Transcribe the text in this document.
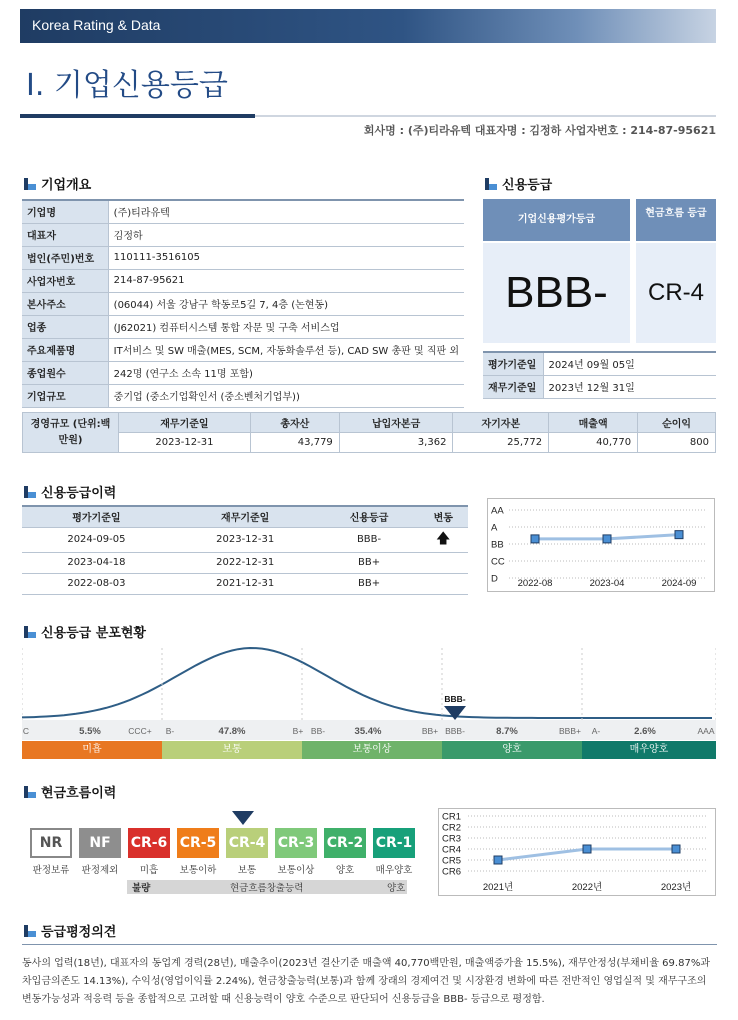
Korea Rating & Data
Ⅰ. 기업신용등급
회사명 : (주)티라유텍 대표자명 : 김정하 사업자번호 : 214-87-95621
기업개요
기업명	(주)티라유텍
대표자	김정하
법인(주민)번호	110111-3516105
사업자번호	214-87-95621
본사주소	(06044) 서울 강남구 학동로5길 7, 4층 (논현동)
업종	(J62021) 컴퓨터시스템 통합 자문 및 구축 서비스업
주요제품명	IT서비스 및 SW 매출(MES, SCM, 자동화솔루션 등), CAD SW 총판 및 직판 외
종업원수	242명 (연구소 소속 11명 포함)
기업규모	중기업 (중소기업확인서 (중소벤처기업부))
신용등급
기업신용평가등급
현금흐름 등급
BBB-	CR-4
평가기준일	2024년 09월 05일
재무기준일	2023년 12월 31일
경영규모 (단위:백만원)	재무기준일	총자산	납입자본금	자기자본	매출액	순이익
	2023-12-31	43,779	3,362	25,772	40,770	800
신용등급이력
평가기준일	재무기준일	신용등급	변동
2024-09-05	2023-12-31	BBB-	🡅
2023-04-18	2022-12-31	BB+	
2022-08-03	2021-12-31	BB+		D
CC
BB
A
AA
2022-08	2023-04	2024-09
신용등급 분포현황
C	CCC+ B-	B+ BB-	BB+ BBB-	BBB+ A-	AAA
5.5%	47.8%	35.4%	8.7%	2.6%
BBB-
미흡	보통	보통이상	양호	매우양호
현금흐름이력
NR
판정보류
NF
판정제외
CR-6
미흡
CR-5
보통이하
CR-4
보통
CR-3
보통이상
CR-2
양호
CR-1
매우양호
불량	현금흐름창출능력	양호
CR6
CR5
CR4
CR3
CR2
CR1
2021년	2022년	2023년
등급평정의견
동사의 업력(18년), 대표자의 동업계 경력(28년), 매출추이(2023년 결산기준 매출액 40,770백만원, 매출액증가율 15.5%), 재무안정성(부채비율 69.87%과 차입금의존도 14.13%), 수익성(영업이익률 2.24%), 현금창출능력(보통)과 함께 장래의 경제여건 및 시장환경 변화에 따른 전반적인 영업실적 및 재무구조의 변동가능성과 적응력 등을 종합적으로 고려할 때 신용능력이 양호 수준으로 판단되어 신용등급을 BBB- 등급으로 평정함.
